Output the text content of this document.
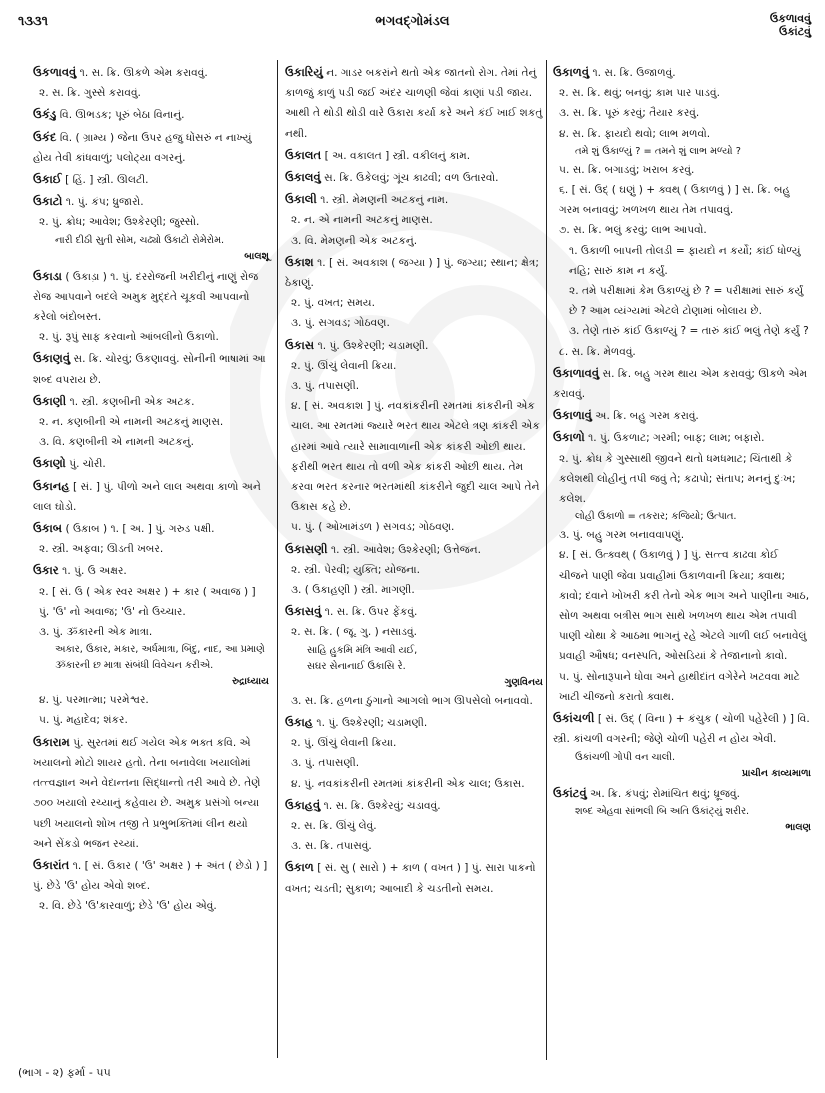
૧૩૩૧	ભગવદ્ગોમંડલ	ઉકળાવવું
ઉકાંટવું
ઉકળાવવું ૧. સ. ક્રિ. ઊકળે એમ કરાવવું.
૨. સ. ક્રિ. ગુસ્સે કરાવવું.
ઉકંડુ વિ. ઊભડક; પૂરું બેઠા વિનાનું.
ઉકંદ વિ. ( ગ્રામ્ય ) જેના ઉપર હજુ ધોંસરું ન નાખ્યું હોય તેવી કાંધવાળું; પલોટ્યા વગરનું.
ઉકાઈ [ હિં. ] સ્ત્રી. ઊલટી.
ઉકાટો ૧. પું. કંપ; ધ્રુજારો.
૨. પું. ક્રોધ; આવેશ; ઉશ્કેરણી; જુસ્સો.
નારી દીઠી સુતી સોમ, ચઢ્યો ઉકાટો રોમેરોમ.
બાલશૂ
ઉકાડા ( ઉકાડ઼ા ) ૧. પું. દરરોજની ખરીદીનું નાણું રોજ રોજ આપવાને બદલે અમુક મુદ્દતે ચૂકવી આપવાનો કરેલો બંદોબસ્ત.
૨. પું. રૂપું સાફ કરવાનો આંબલીનો ઉકાળો.
ઉકાણવું સ. ક્રિ. ચોરવું; ઉકણાવવું. સોનીની ભાષામાં આ શબ્દ વપરાય છે.
ઉકાણી ૧. સ્ત્રી. કણબીની એક અટક.
૨. ન. કણબીની એ નામની અટકનું માણસ.
૩. વિ. કણબીની એ નામની અટકનું.
ઉકાણો પું. ચોરી.
ઉકાનહ [ સં. ] પું. પીળો અને લાલ અથવા કાળો અને લાલ ઘોડો.
ઉકાબ ( ઉક઼ાબ ) ૧. [ અ. ] પું. ગરુડ પક્ષી.
૨. સ્ત્રી. અફવા; ઊડતી ખબર.
ઉકાર ૧. પું. ઉ અક્ષર.
૨. [ સં. ઉ ( એક સ્વર અક્ષર ) + કાર ( અવાજ ) ] પું. 'ઉ' નો અવાજ; 'ઉ' નો ઉચ્ચાર.
૩. પું. ૐકારની એક માત્રા.
અકાર, ઉકાર, મકાર, અર્ધમાત્રા, બિંદુ, નાદ, આ પ્રમાણે ૐકારની છ માત્રા સંબંધી વિવેચન કરીએ.
રુદ્રાધ્યાય
૪. પું. પરમાત્મા; પરમેશ્વર.
૫. પું. મહાદેવ; શંકર.
ઉકારામ પું. સુરતમાં થઈ ગયેલ એક ભક્ત કવિ. એ ખયાલનો મોટો શાયર હતો. તેના બનાવેલા ખયાલોમાં તત્ત્વજ્ઞાન અને વેદાન્તના સિદ્ધાન્તો તરી આવે છે. તેણે ૭૦૦ ખયાલો રચ્યાનું કહેવાય છે. અમુક પ્રસંગો બન્યા પછી ખયાલનો શોખ તજી તે પ્રભુભક્તિમાં લીન થયો અને સેંકડો ભજન રચ્યાં.
ઉકારાંત ૧. [ સં. ઉકાર ( 'ઉ' અક્ષર ) + અંત ( છેડો ) ] પું. છેડે 'ઉ' હોય એવો શબ્દ.
૨. વિ. છેડે 'ઉ'કારવાળું; છેડે 'ઉ' હોય એવું.
ઉકારિયું ન. ગાડર બકરાંને થતો એક જાતનો રોગ. તેમાં તેનું કાળજું કાળું પડી જઈ અંદર ચાળણી જેવાં કાણાં પડી જાય. આથી તે થોડી થોડી વારે ઉકારા કર્યા કરે અને કંઈ ખાઈ શકતું નથી.
ઉકાલત [ અ. વકાલત ] સ્ત્રી. વકીલનું કામ.
ઉકાલવું સ. ક્રિ. ઉકેલવું; ગૂંચ કાઢવી; વળ ઉતારવો.
ઉકાલી ૧. સ્ત્રી. મેમણની અટકનું નામ.
૨. ન. એ નામની અટકનું માણસ.
૩. વિ. મેમણની એક અટકનું.
ઉકાશ ૧. [ સં. અવકાશ ( જગ્યા ) ] પું. જગ્યા; સ્થાન; ક્ષેત્ર; ઠેકાણું.
૨. પું. વખત; સમય.
૩. પું. સગવડ; ગોઠવણ.
ઉકાસ ૧. પું. ઉશ્કેરણી; ચડામણી.
૨. પું. ઊંચું લેવાની ક્રિયા.
૩. પું. તપાસણી.
૪. [ સં. અવકાશ ] પું. નવકાંકરીની રમતમાં કાંકરીની એક ચાલ. આ રમતમાં જ્યારે ભરત થાય એટલે ત્રણ કાંકરી એક હારમાં આવે ત્યારે સામાવાળાની એક કાંકરી ઓછી થાય. ફરીથી ભરત થાય તો વળી એક કાંકરી ઓછી થાય. તેમ કરવા ભરત કરનાર ભરતમાંથી કાંકરીને જુદી ચાલ આપે તેને ઉકાસ કહે છે.
૫. પું. ( ઓખામંડળ ) સગવડ; ગોઠવણ.
ઉકાસણી ૧. સ્ત્રી. આવેશ; ઉશ્કેરણી; ઉત્તેજન.
૨. સ્ત્રી. પેરવી; યુક્તિ; યોજના.
૩. ( ઉકાહ઼ણી ) સ્ત્રી. માગણી.
ઉકાસવું ૧. સ. ક્રિ. ઉપર ફેંકવું.
૨. સ. ક્રિ. ( જૂ. ગુ. ) નસાડવું.
સાહિ હુકમિ મંત્રિ આવી યઈ,
સઘર સેનાનાઈ ઉકાસિ રે.
ગુણવિનય
૩. સ. ક્રિ. હળના ઠુંગાનો આગલો ભાગ ઊપસેલો બનાવવો.
ઉકાહ ૧. પું. ઉશ્કેરણી; ચડામણી.
૨. પું. ઊંચું લેવાની ક્રિયા.
૩. પું. તપાસણી.
૪. પું. નવકાંકરીની રમતમાં કાંકરીની એક ચાલ; ઉકાસ.
ઉકાહવું ૧. સ. ક્રિ. ઉશ્કેરવું; ચડાવવું.
૨. સ. ક્રિ. ઊંચું લેવું.
૩. સ. ક્રિ. તપાસવું.
ઉકાળ [ સં. સુ ( સારો ) + કાળ ( વખત ) ] પું. સારા પાકનો વખત; ચડતી; સુકાળ; આબાદી કે ચડતીનો સમય.
ઉકાળવું ૧. સ. ક્રિ. ઉજાળવું.
૨. સ. ક્રિ. થવું; બનવું; કામ પાર પાડવું.
૩. સ. ક્રિ. પૂરું કરવું; તૈયાર કરવું.
૪. સ. ક્રિ. ફાયદો થવો; લાભ મળવો.
તમે શું ઉકાળ્યું ? = તમને શું લાભ મળ્યો ?
૫. સ. ક્રિ. બગાડવું; ખરાબ કરવું.
૬. [ સં. ઉદ્ ( ઘણું ) + ક્વથ્ ( ઉકાળવું ) ] સ. ક્રિ. બહુ ગરમ બનાવવું; ખળખળ થાય તેમ તપાવવું.
૭. સ. ક્રિ. ભલું કરવું; લાભ આપવો.
૧. ઉકાળી બાપની તોલડી = ફાયદો ન કર્યો; કાંઈ ધોળ્યું નહિ; સારું કામ ન કર્યું.
૨. તમે પરીક્ષામાં કેમ ઉકાળ્યું છે ? = પરીક્ષામાં સારું કર્યું છે ? આમ વ્યંગ્યમાં એટલે ટોણામાં બોલાય છે.
૩. તેણે તારું કાંઈ ઉકાળ્યું ? = તારું કાંઈ ભલું તેણે કર્યું ?
૮. સ. ક્રિ. મેળવવું.
ઉકાળાવવું સ. ક્રિ. બહુ ગરમ થાય એમ કરાવવું; ઊકળે એમ કરાવવું.
ઉકાળાવું અ. ક્રિ. બહુ ગરમ કરાવું.
ઉકાળો ૧. પું. ઉકળાટ; ગરમી; બાફ; લામ; બફારો.
૨. પું. ક્રોધ કે ગુસ્સાથી જીવને થતો ધમધમાટ; ચિંતાથી કે કલેશથી લોહીનું તપી જવું તે; કઢાપો; સંતાપ; મનનું દુઃખ; કલેશ.
લોહી ઉકાળો = તકરાર; કજિયો; ઉત્પાત.
૩. પું. બહુ ગરમ બનાવવાપણું.
૪. [ સં. ઉત્ક્વથ્ ( ઉકાળવું ) ] પું. સત્ત્વ કાઢવા કોઈ ચીજને પાણી જેવા પ્રવાહીમાં ઉકાળવાની ક્રિયા; ક્વાથ; કાવો; દવાને ખોખરી કરી તેનો એક ભાગ અને પાણીના આઠ, સોળ અથવા બત્રીસ ભાગ સાથે ખળખળ થાય એમ તપાવી પાણી ચોથા કે આઠમા ભાગનું રહે એટલે ગાળી લઈ બનાવેલું પ્રવાહી ઔષધ; વનસ્પતિ, ઓસડિયાં કે તેજાનાનો કાવો.
૫. પું. સોનારૂપાને ધોવા અને હાથીદાંત વગેરેને ખટવવા માટે ખાટી ચીજનો કરાતો ક્વાથ.
ઉકાંચળી [ સં. ઉદ્ ( વિના ) + કંચુક ( ચોળી પહેરેલી ) ] વિ. સ્ત્રી. કાંચળી વગરની; જેણે ચોળી પહેરી ન હોય એવી.
ઉકાંચળી ગોપી વન ચાલી.
પ્રાચીન કાવ્યમાળા
ઉકાંટવું અ. ક્રિ. કંપવું; રોમાંચિત થવું; ધ્રૂજવું.
શબ્દ એહવા સાંભલી બિ અતિ ઉકાંટ્યું શરીર.
ભાલણ
(ભાગ - ૨) ફર્મા - ૫૫
